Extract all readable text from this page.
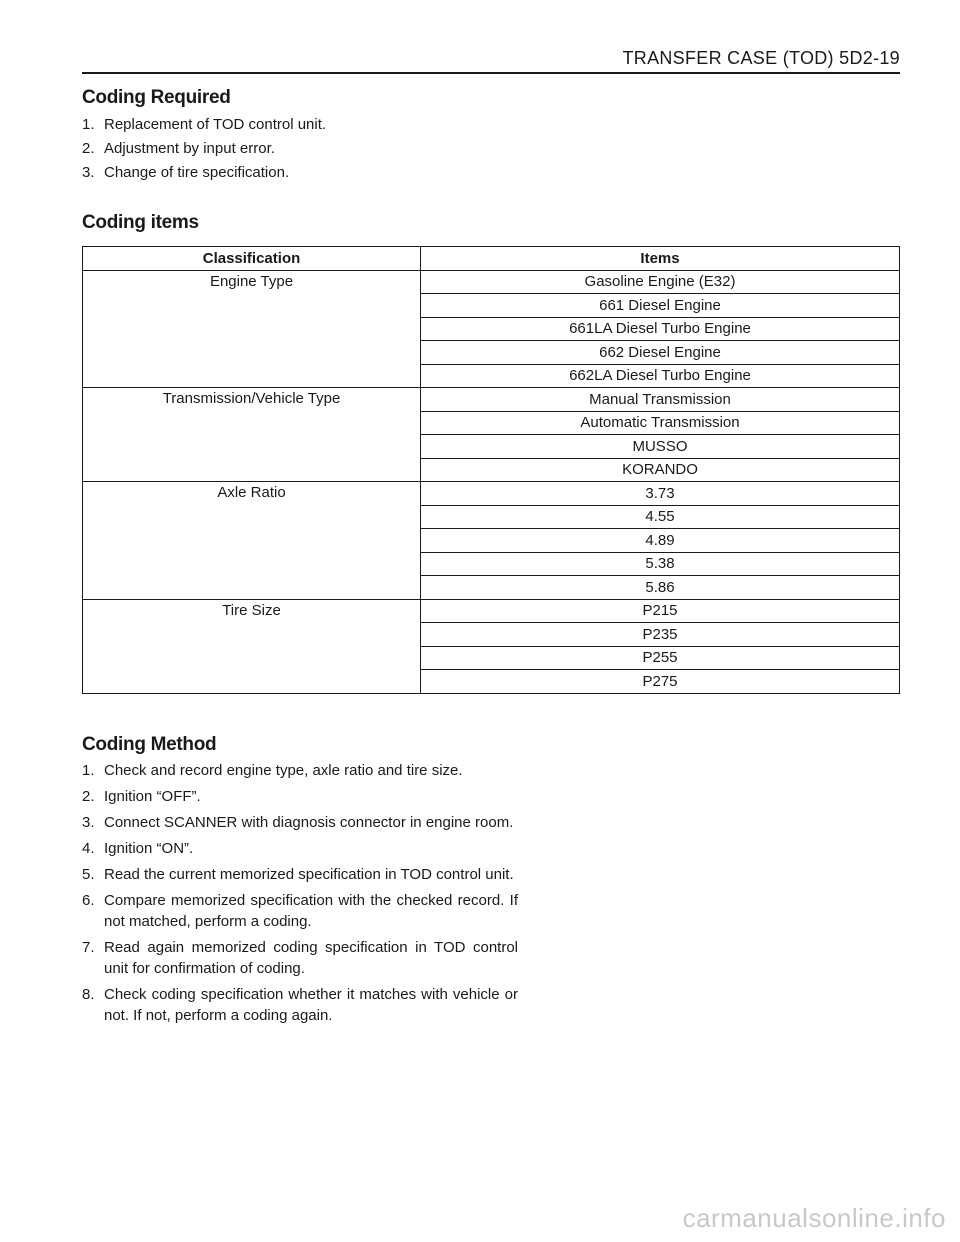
TRANSFER CASE (TOD) 5D2-19
Coding Required
1. Replacement of TOD control unit.
2. Adjustment by input error.
3. Change of tire specification.
Coding items
Classification	Items
Engine Type	Gasoline Engine (E32)
	661 Diesel Engine
	661LA Diesel Turbo Engine
	662 Diesel Engine
	662LA Diesel Turbo Engine
Transmission/Vehicle Type	Manual Transmission
	Automatic Transmission
	MUSSO
	KORANDO
Axle Ratio	3.73
	4.55
	4.89
	5.38
	5.86
Tire Size	P215
	P235
	P255
	P275
Coding Method
1. Check and record engine type, axle ratio and tire size.
2. Ignition “OFF”.
3. Connect SCANNER with diagnosis connector in engine room.
4. Ignition “ON”.
5. Read the current memorized specification in TOD control unit.
6. Compare memorized specification with the checked record. If not matched, perform a coding.
7. Read again memorized coding specification in TOD control unit for confirmation of coding.
8. Check coding specification whether it matches with vehicle or not. If not, perform a coding again.
carmanualsonline.info
